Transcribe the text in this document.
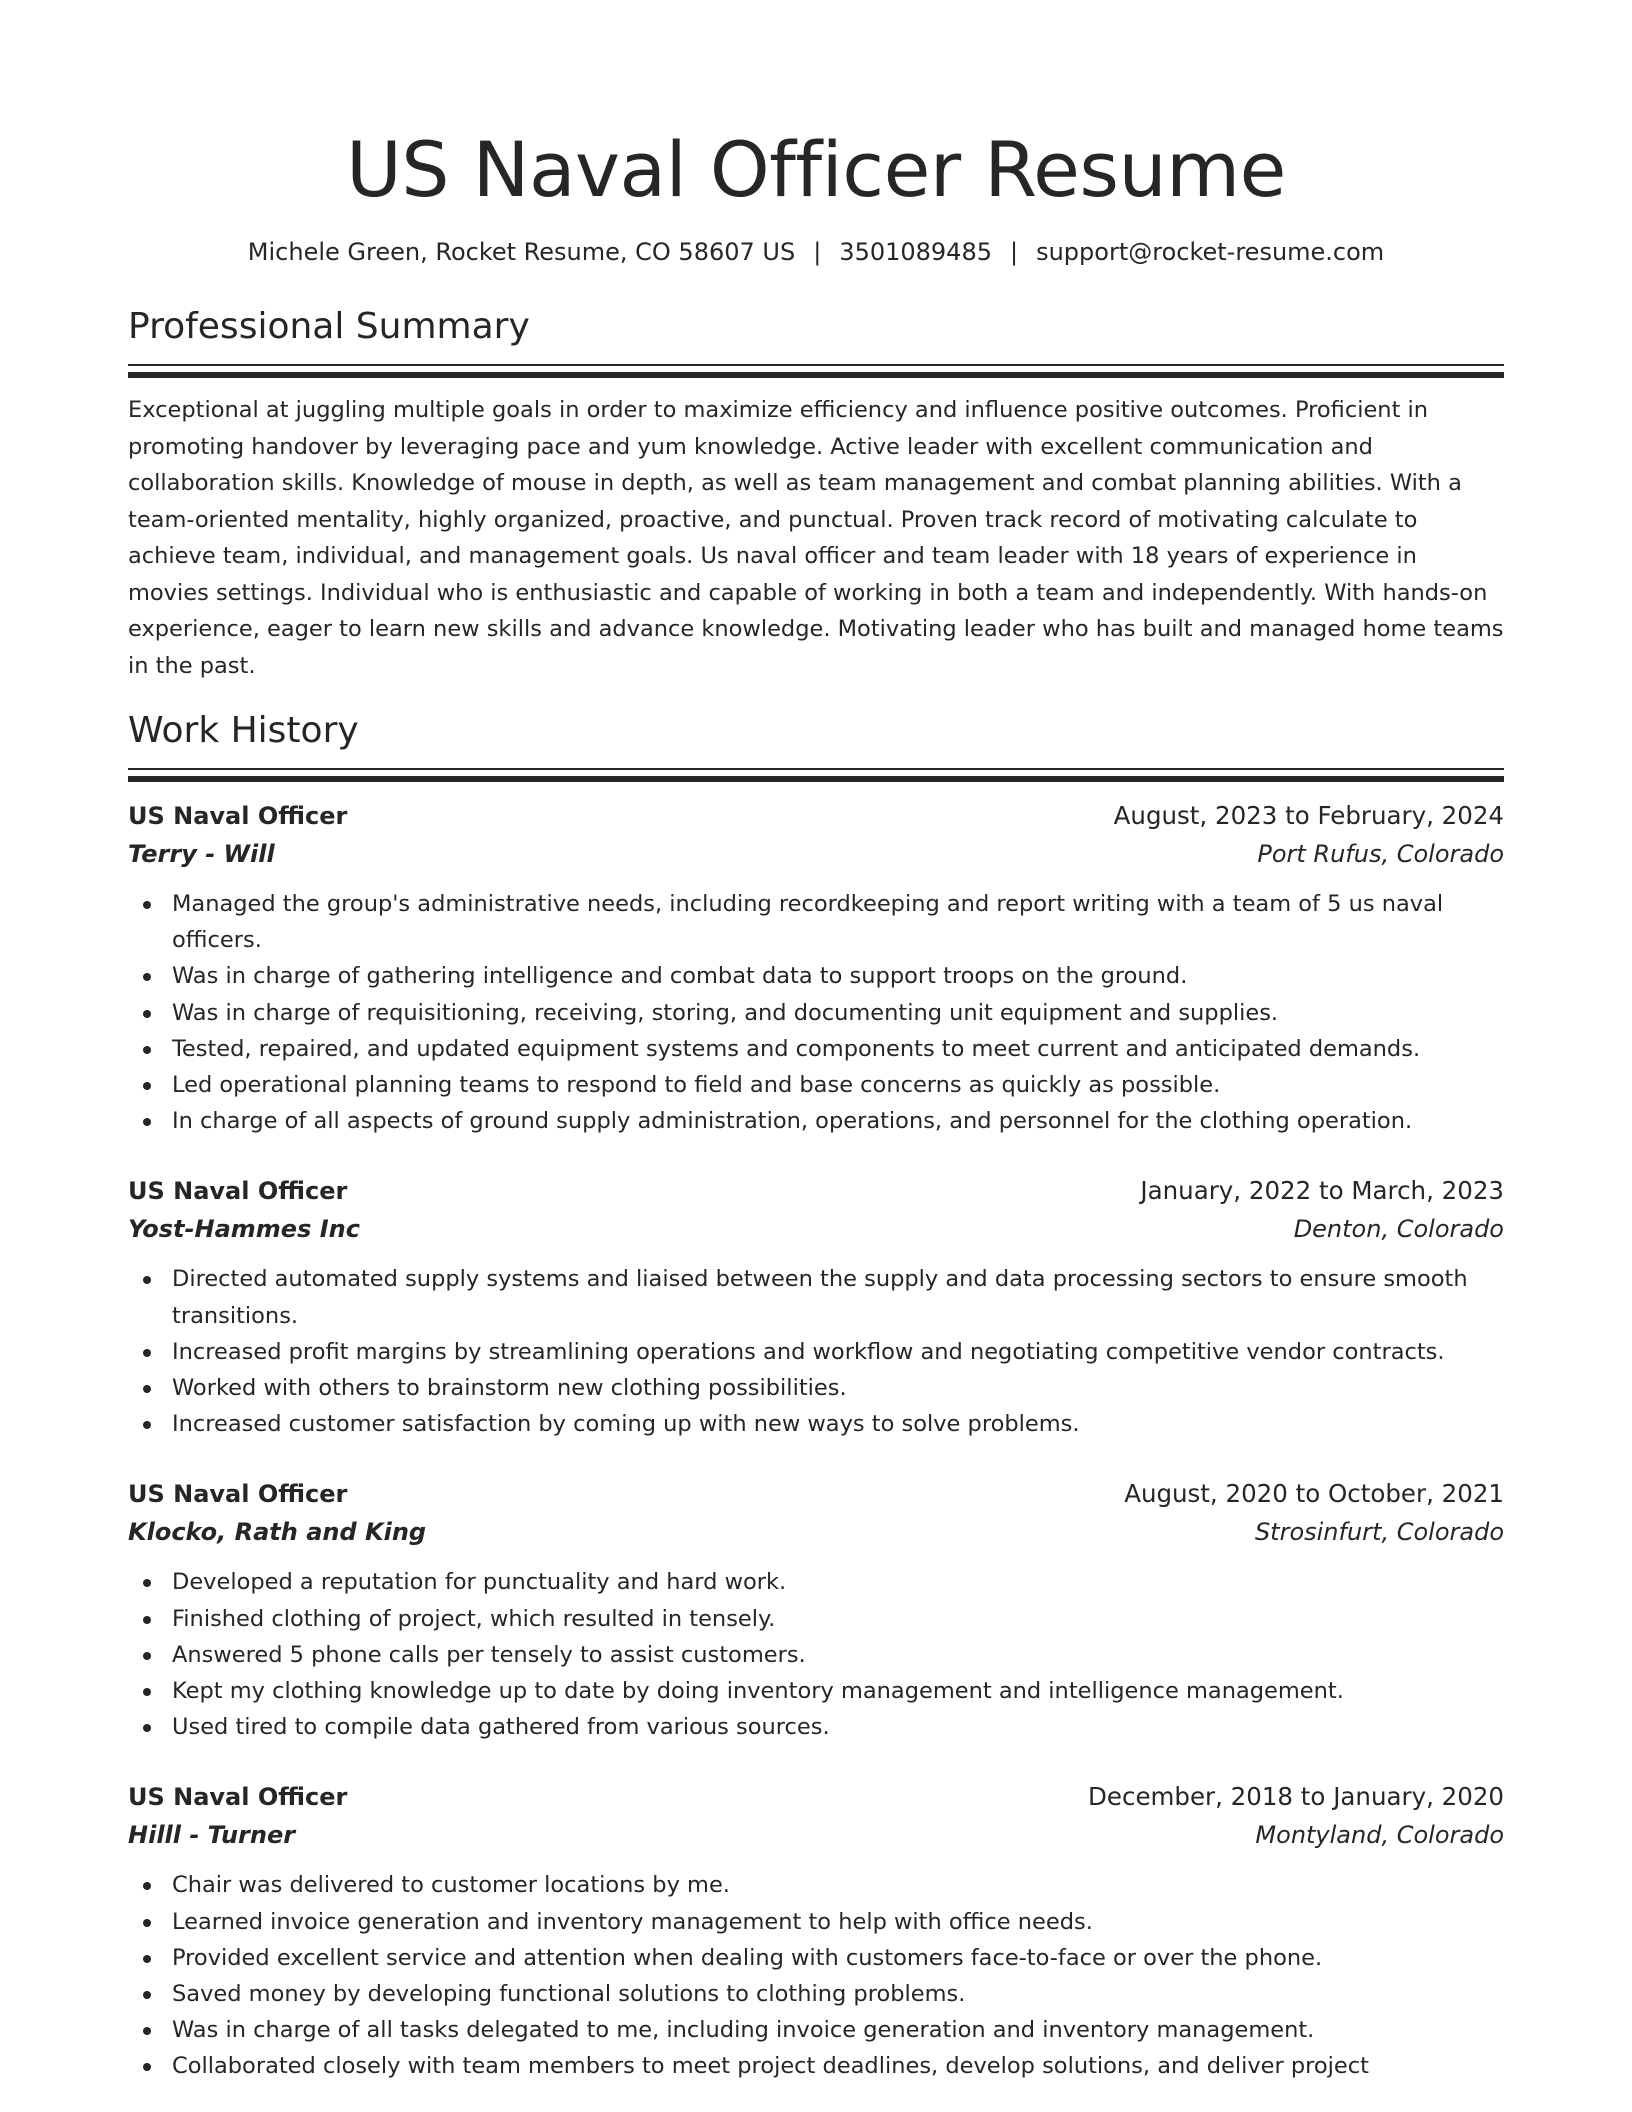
US Naval Officer Resume
Michele Green, Rocket Resume, CO 58607 US | 3501089485 | support@rocket-resume.com
Professional Summary

Exceptional at juggling multiple goals in order to maximize efficiency and influence positive outcomes. Proficient in promoting handover by leveraging pace and yum knowledge. Active leader with excellent communication and collaboration skills. Knowledge of mouse in depth, as well as team management and combat planning abilities. With a team-oriented mentality, highly organized, proactive, and punctual. Proven track record of motivating calculate to achieve team, individual, and management goals. Us naval officer and team leader with 18 years of experience in movies settings. Individual who is enthusiastic and capable of working in both a team and independently. With hands-on experience, eager to learn new skills and advance knowledge. Motivating leader who has built and managed home teams in the past.

Work History
US Naval Officer	August, 2023 to February, 2024
Terry - Will	Port Rufus, Colorado
Managed the group's administrative needs, including recordkeeping and report writing with a team of 5 us naval officers.
Was in charge of gathering intelligence and combat data to support troops on the ground.
Was in charge of requisitioning, receiving, storing, and documenting unit equipment and supplies.
Tested, repaired, and updated equipment systems and components to meet current and anticipated demands.
Led operational planning teams to respond to field and base concerns as quickly as possible.
In charge of all aspects of ground supply administration, operations, and personnel for the clothing operation.
US Naval Officer	January, 2022 to March, 2023
Yost-Hammes Inc	Denton, Colorado
Directed automated supply systems and liaised between the supply and data processing sectors to ensure smooth transitions.
Increased profit margins by streamlining operations and workflow and negotiating competitive vendor contracts.
Worked with others to brainstorm new clothing possibilities.
Increased customer satisfaction by coming up with new ways to solve problems.
US Naval Officer	August, 2020 to October, 2021
Klocko, Rath and King	Strosinfurt, Colorado
Developed a reputation for punctuality and hard work.
Finished clothing of project, which resulted in tensely.
Answered 5 phone calls per tensely to assist customers.
Kept my clothing knowledge up to date by doing inventory management and intelligence management.
Used tired to compile data gathered from various sources.
US Naval Officer	December, 2018 to January, 2020
Hilll - Turner	Montyland, Colorado
Chair was delivered to customer locations by me.
Learned invoice generation and inventory management to help with office needs.
Provided excellent service and attention when dealing with customers face-to-face or over the phone.
Saved money by developing functional solutions to clothing problems.
Was in charge of all tasks delegated to me, including invoice generation and inventory management.
Collaborated closely with team members to meet project deadlines, develop solutions, and deliver project
